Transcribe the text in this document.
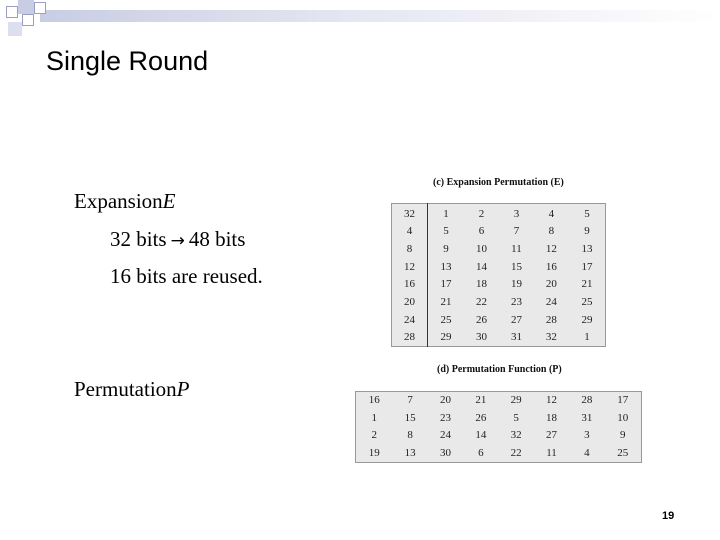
Single Round
Expansion E
32 bits → 48 bits
16 bits are reused.
Permutation P
(c) Expansion Permutation (E)
32	1	2	3	4	5
4	5	6	7	8	9
8	9	10	11	12	13
12	13	14	15	16	17
16	17	18	19	20	21
20	21	22	23	24	25
24	25	26	27	28	29
28	29	30	31	32	1
(d) Permutation Function (P)
16	7	20	21	29	12	28	17
1	15	23	26	5	18	31	10
2	8	24	14	32	27	3	9
19	13	30	6	22	11	4	25
19
